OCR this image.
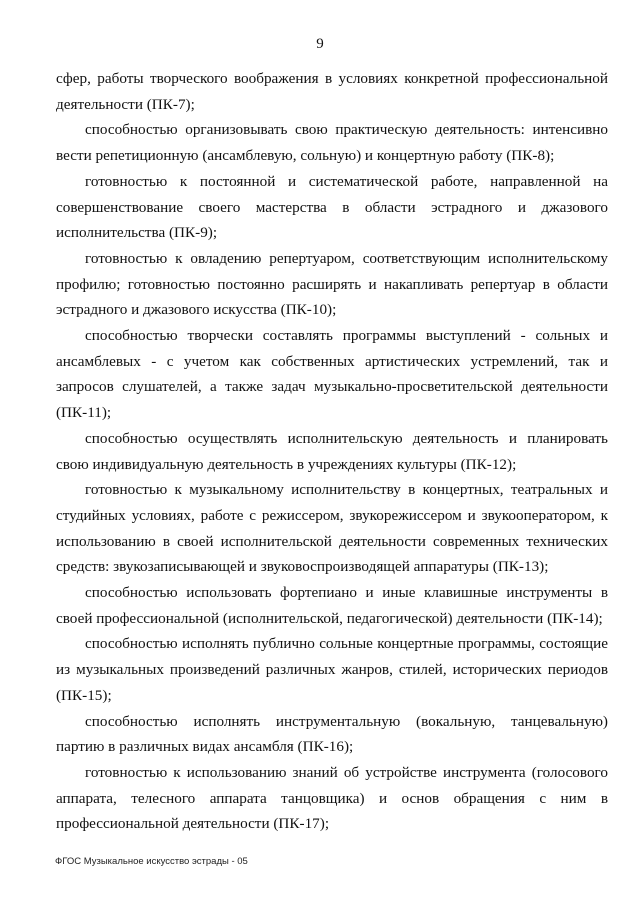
9

сфер, работы творческого воображения в условиях конкретной профессиональной деятельности (ПК-7);

способностью организовывать свою практическую деятельность: интенсивно вести репетиционную (ансамблевую, сольную) и концертную работу (ПК-8);

готовностью к постоянной и систематической работе, направленной на совершенствование своего мастерства в области эстрадного и джазового исполнительства (ПК-9);

готовностью к овладению репертуаром, соответствующим исполнительскому профилю; готовностью постоянно расширять и накапливать репертуар в области эстрадного и джазового искусства (ПК-10);

способностью творчески составлять программы выступлений - сольных и ансамблевых - с учетом как собственных артистических устремлений, так и запросов слушателей, а также задач музыкально-просветительской деятельности (ПК-11);

способностью осуществлять исполнительскую деятельность и планировать свою индивидуальную деятельность в учреждениях культуры (ПК-12);

готовностью к музыкальному исполнительству в концертных, театральных и студийных условиях, работе с режиссером, звукорежиссером и звукооператором, к использованию в своей исполнительской деятельности современных технических средств: звукозаписывающей и звуковоспроизводящей аппаратуры (ПК-13);

способностью использовать фортепиано и иные клавишные инструменты в своей профессиональной (исполнительской, педагогической) деятельности (ПК-14);

способностью исполнять публично сольные концертные программы, состоящие из музыкальных произведений различных жанров, стилей, исторических периодов (ПК-15);

способностью исполнять инструментальную (вокальную, танцевальную) партию в различных видах ансамбля (ПК-16);

готовностью к использованию знаний об устройстве инструмента (голосового аппарата, телесного аппарата танцовщика) и основ обращения с ним в профессиональной деятельности (ПК-17);

ФГОС Музыкальное искусство эстрады - 05
